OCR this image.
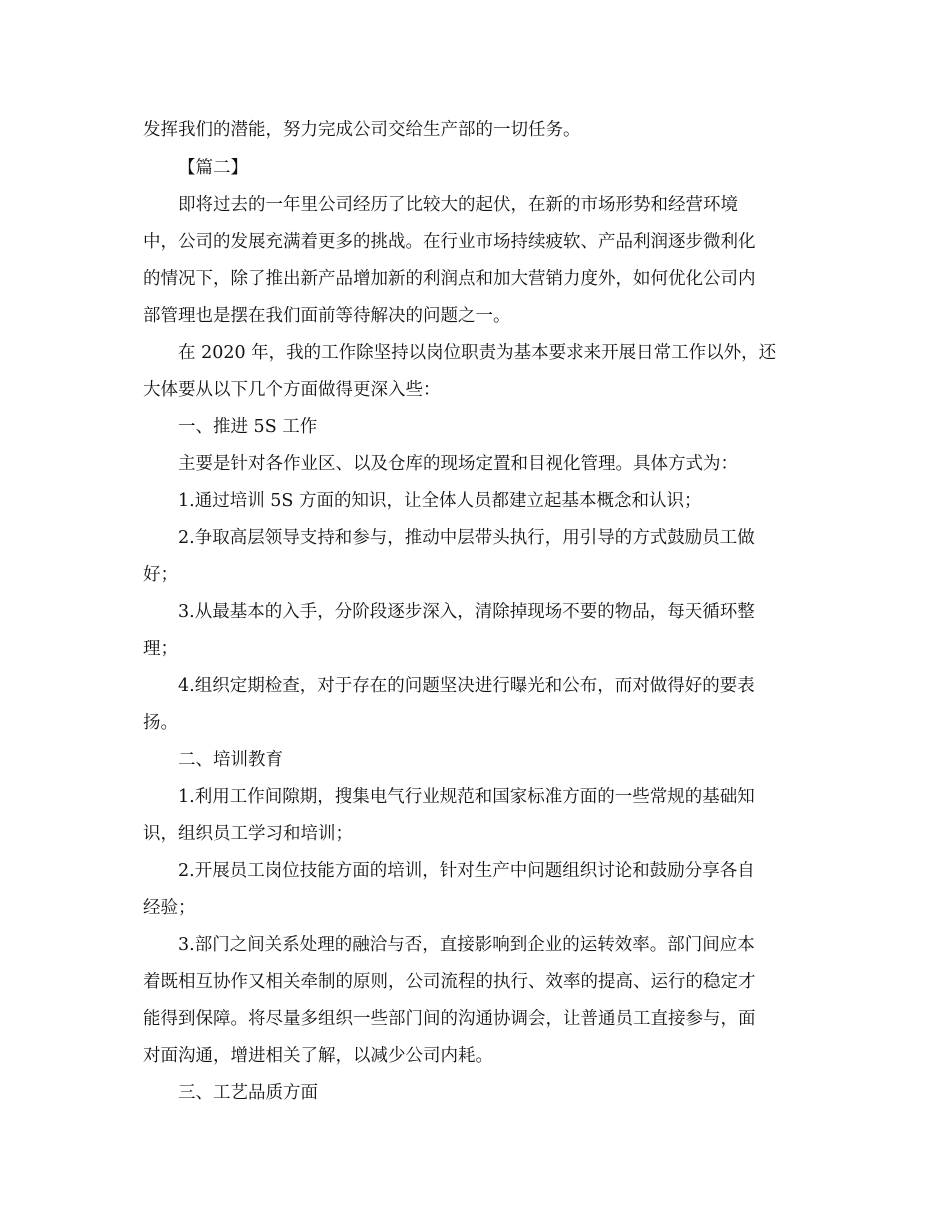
发挥我们的潜能，努力完成公司交给生产部的一切任务。

【篇二】

即将过去的一年里公司经历了比较大的起伏，在新的市场形势和经营环境

中，公司的发展充满着更多的挑战。在行业市场持续疲软、产品利润逐步微利化

的情况下，除了推出新产品增加新的利润点和加大营销力度外，如何优化公司内

部管理也是摆在我们面前等待解决的问题之一。

在 2020 年，我的工作除坚持以岗位职责为基本要求来开展日常工作以外，还

大体要从以下几个方面做得更深入些：

一、推进 5S 工作

主要是针对各作业区、以及仓库的现场定置和目视化管理。具体方式为：

1.通过培训 5S 方面的知识，让全体人员都建立起基本概念和认识；

2.争取高层领导支持和参与，推动中层带头执行，用引导的方式鼓励员工做

好；

3.从最基本的入手，分阶段逐步深入，清除掉现场不要的物品，每天循环整

理；

4.组织定期检查，对于存在的问题坚决进行曝光和公布，而对做得好的要表

扬。

二、培训教育

1.利用工作间隙期，搜集电气行业规范和国家标准方面的一些常规的基础知

识，组织员工学习和培训；

2.开展员工岗位技能方面的培训，针对生产中问题组织讨论和鼓励分享各自

经验；

3.部门之间关系处理的融洽与否，直接影响到企业的运转效率。部门间应本

着既相互协作又相关牵制的原则，公司流程的执行、效率的提高、运行的稳定才

能得到保障。将尽量多组织一些部门间的沟通协调会，让普通员工直接参与，面

对面沟通，增进相关了解，以减少公司内耗。

三、工艺品质方面
